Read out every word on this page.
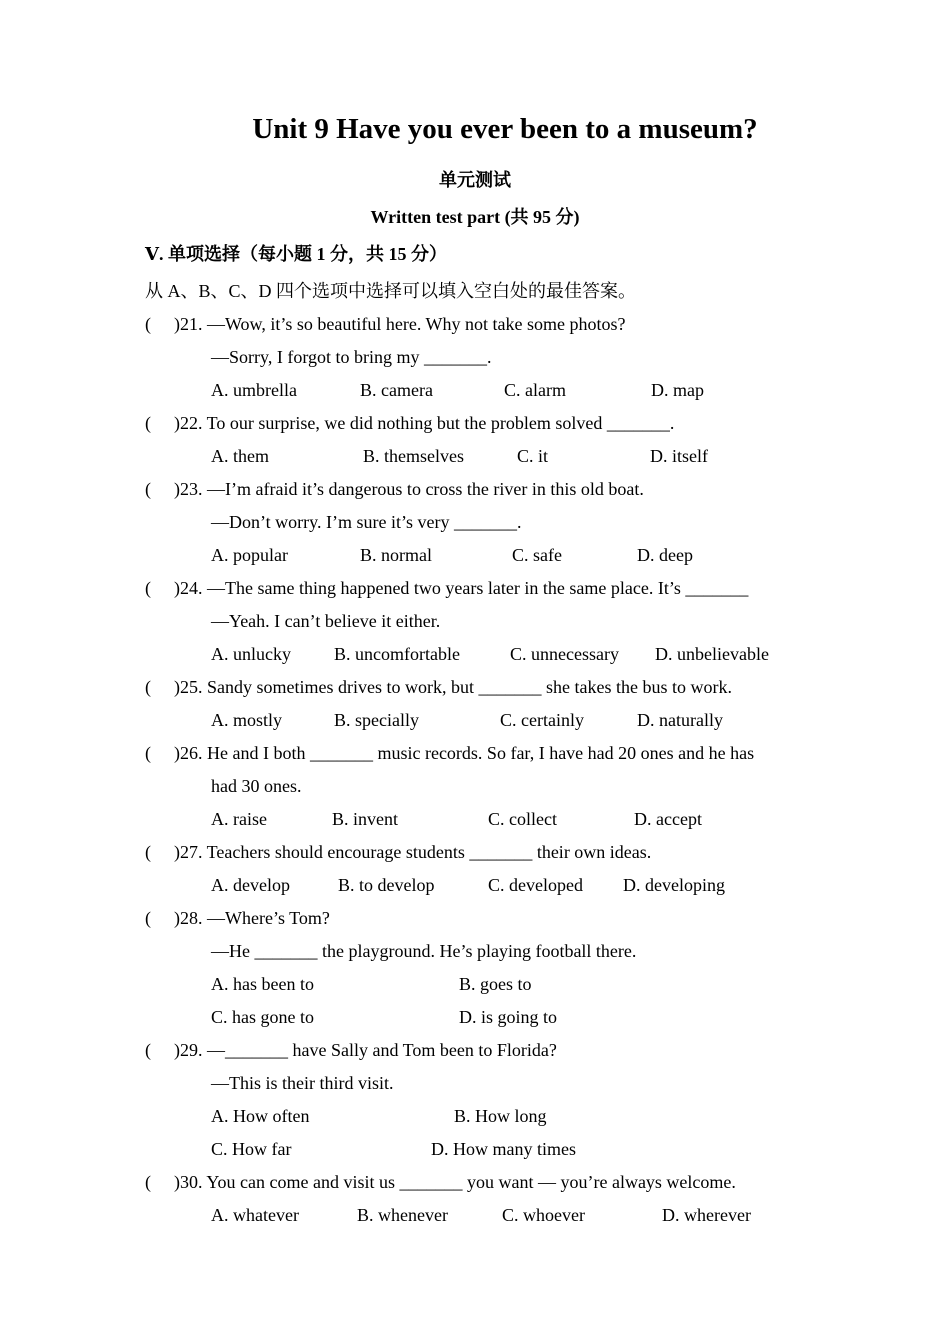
Unit 9 Have you ever been to a museum?
单元测试
Written test part (共 95 分)
Ⅴ. 单项选择（每小题 1 分，共 15 分）
从 A、B、C、D 四个选项中选择可以填入空白处的最佳答案。
( )21. —Wow, it’s so beautiful here. Why not take some photos?
—Sorry, I forgot to bring my _______.
A. umbrella	B. camera	C. alarm	D. map
( )22. To our surprise, we did nothing but the problem solved _______.
A. them	B. themselves	C. it	D. itself
( )23. —I’m afraid it’s dangerous to cross the river in this old boat.
—Don’t worry. I’m sure it’s very _______.
A. popular	B. normal	C. safe	D. deep
( )24. —The same thing happened two years later in the same place. It’s _______
—Yeah. I can’t believe it either.
A. unlucky B. uncomfortable	C. unnecessary D. unbelievable
( )25. Sandy sometimes drives to work, but _______ she takes the bus to work.
A. mostly	B. specially	C. certainly	D. naturally
( )26. He and I both _______ music records. So far, I have had 20 ones and he has
had 30 ones.
A. raise	B. invent	C. collect	D. accept
( )27. Teachers should encourage students _______ their own ideas.
A. develop	B. to develop	C. developed D. developing
( )28. —Where’s Tom?
—He _______ the playground. He’s playing football there.
A. has been to	B. goes to
C. has gone to	D. is going to
( )29. —_______ have Sally and Tom been to Florida?
—This is their third visit.
A. How often	B. How long
C. How far	D. How many times
( )30. You can come and visit us _______ you want — you’re always welcome.
A. whatever	B. whenever	C. whoever	D. wherever
